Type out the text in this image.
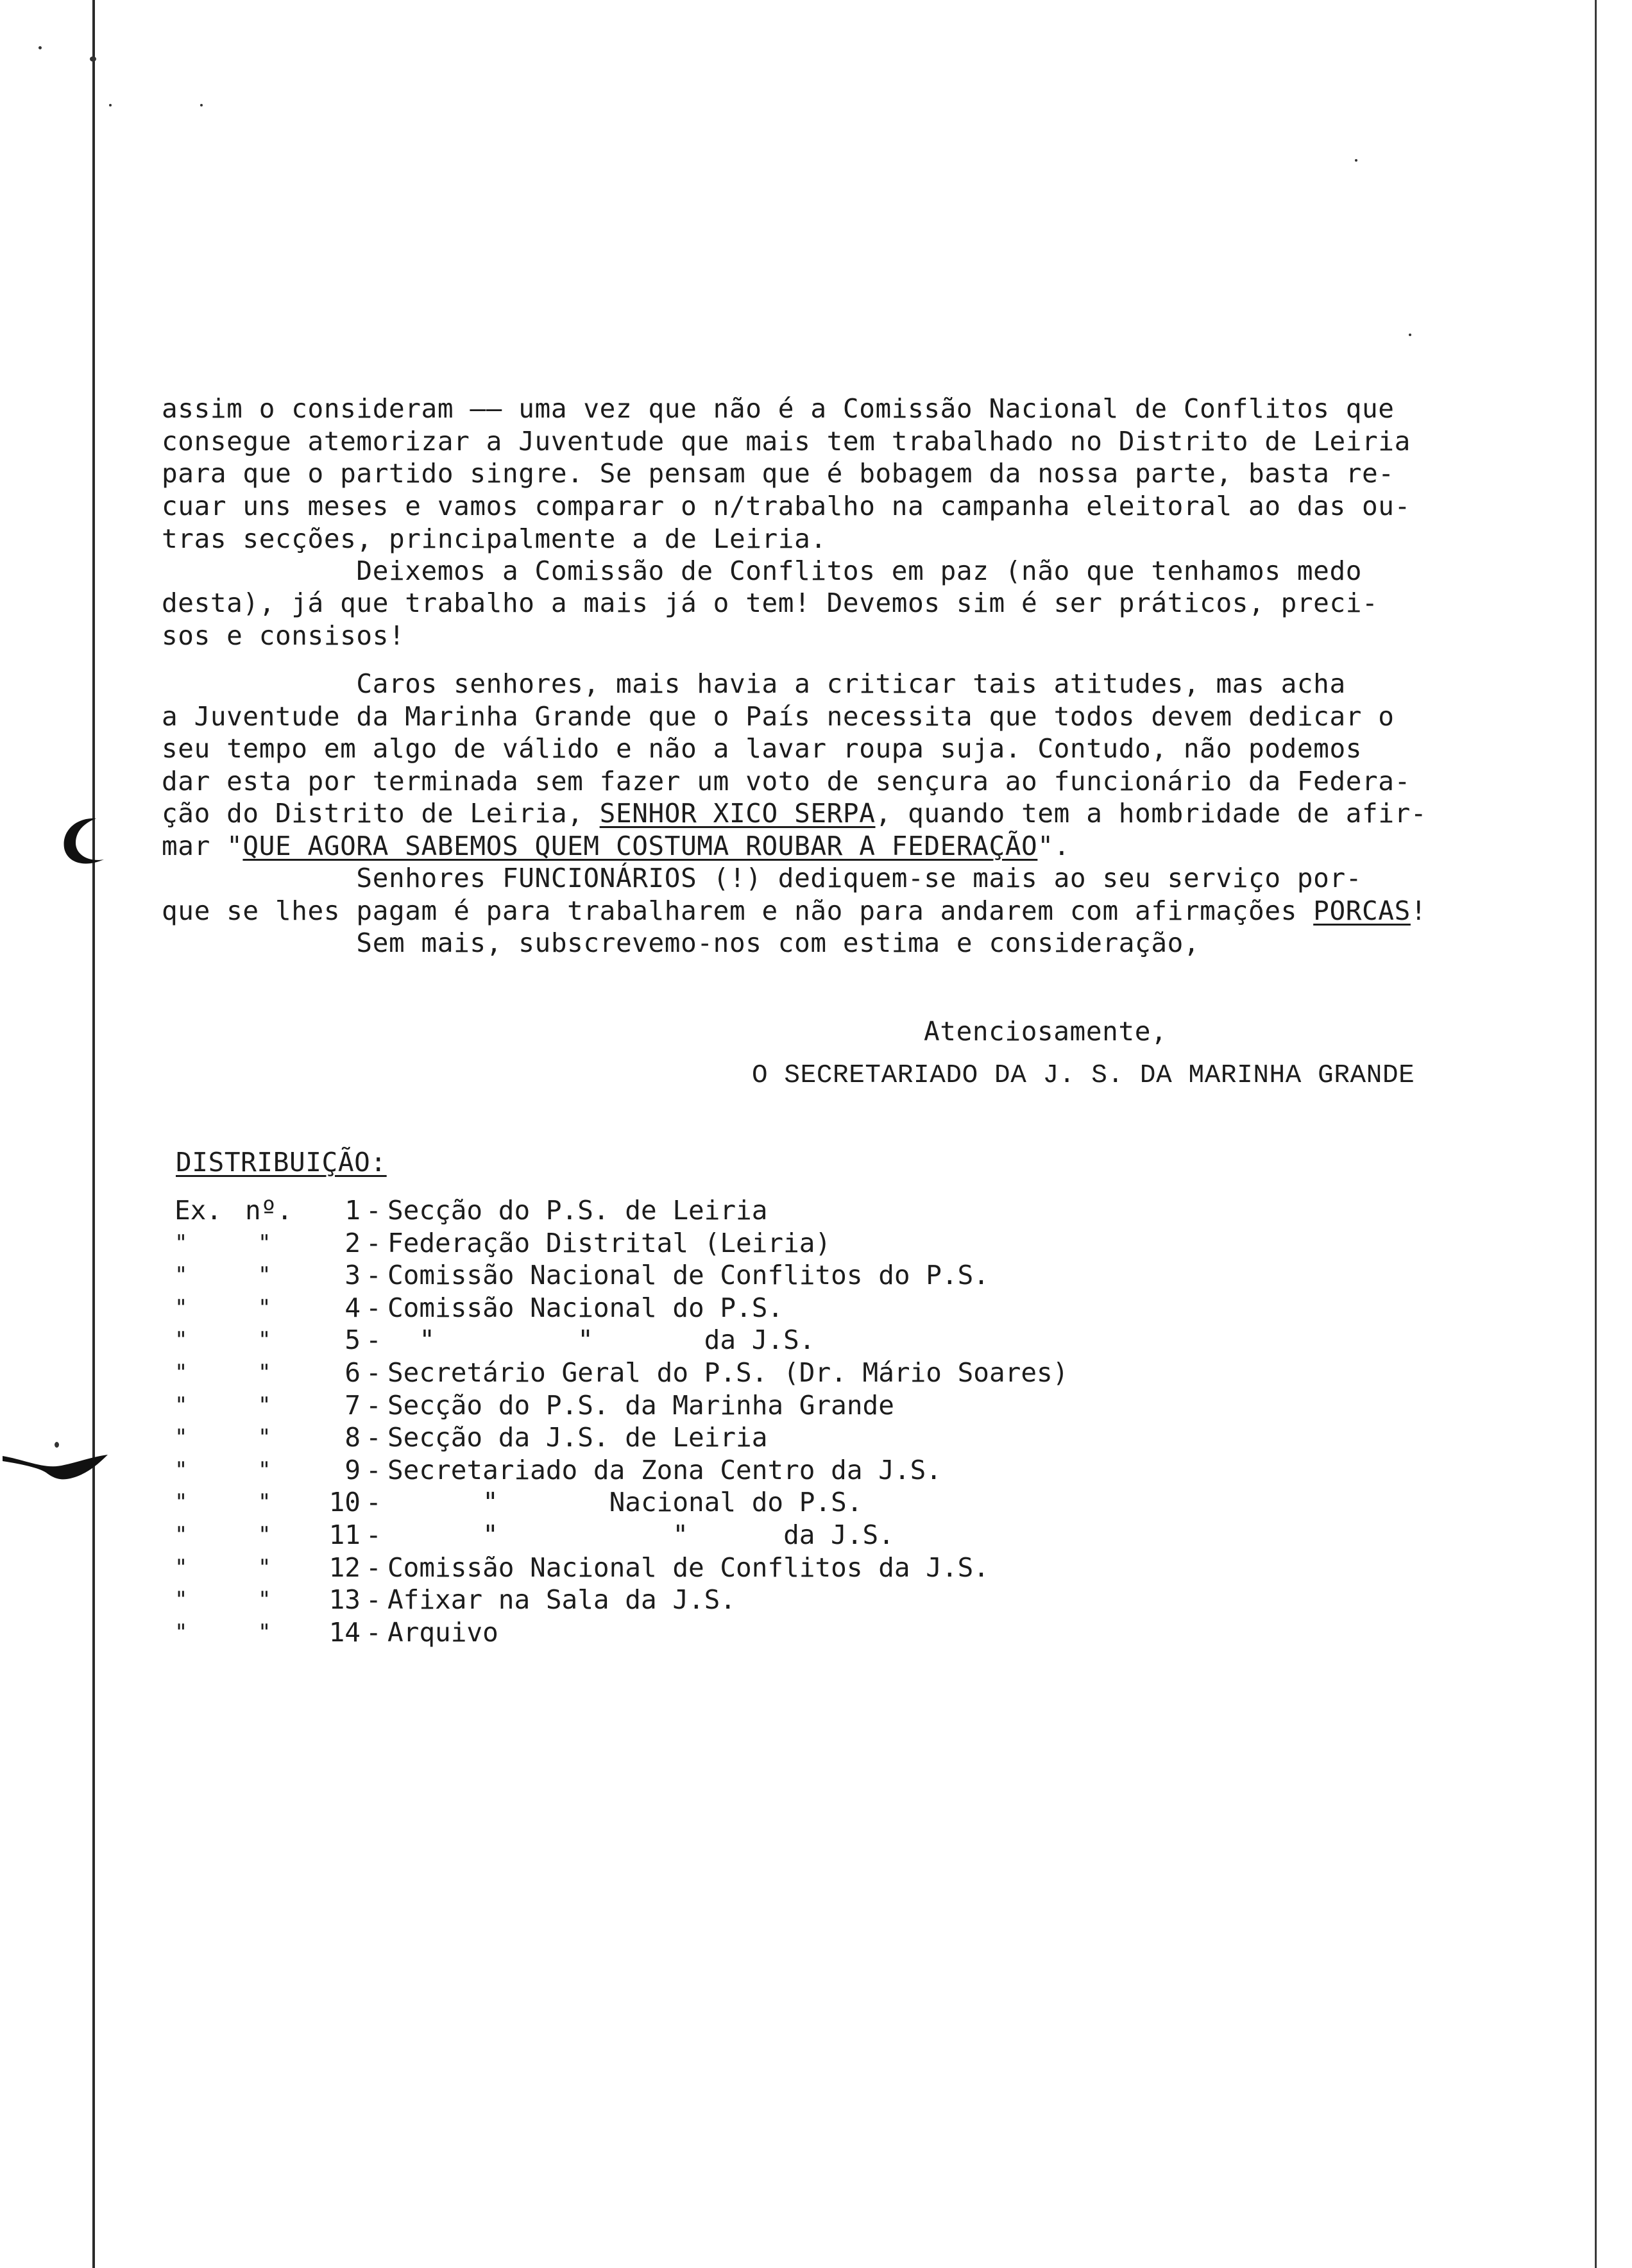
assim o consideram —— uma vez que não é a Comissão Nacional de Conflitos que
consegue atemorizar a Juventude que mais tem trabalhado no Distrito de Leiria
para que o partido singre. Se pensam que é bobagem da nossa parte, basta re-
cuar uns meses e vamos comparar o n/trabalho na campanha eleitoral ao das ou-
tras secções, principalmente a de Leiria.
Deixemos a Comissão de Conflitos em paz (não que tenhamos medo
desta), já que trabalho a mais já o tem! Devemos sim é ser práticos, preci-
sos e consisos!
Caros senhores, mais havia a criticar tais atitudes, mas acha
a Juventude da Marinha Grande que o País necessita que todos devem dedicar o
seu tempo em algo de válido e não a lavar roupa suja. Contudo, não podemos
dar esta por terminada sem fazer um voto de sençura ao funcionário da Federa-
ção do Distrito de Leiria, SENHOR XICO SERPA, quando tem a hombridade de afir-
mar "QUE AGORA SABEMOS QUEM COSTUMA ROUBAR A FEDERAÇÃO".
Senhores FUNCIONÁRIOS (!) dediquem-se mais ao seu serviço por-
que se lhes pagam é para trabalharem e não para andarem com afirmações PORCAS!
Sem mais, subscrevemo-nos com estima e consideração,
Atenciosamente,
O SECRETARIADO DA J. S. DA MARINHA GRANDE
DISTRIBUIÇÃO:
Ex. nº.	1 - Secção do P.S. de Leiria
"	"	2 - Federação Distrital (Leiria)
"	"	3 - Comissão Nacional de Conflitos do P.S.
"	"	4 - Comissão Nacional do P.S.
"	"	5 - "         "       da J.S.
"	"	6 - Secretário Geral do P.S. (Dr. Mário Soares)
"	"	7 - Secção do P.S. da Marinha Grande
"	"	8 - Secção da J.S. de Leiria
"	"	9 - Secretariado da Zona Centro da J.S.
"	"	10 - "       Nacional do P.S.
"	"	11 - "           "      da J.S.
"	"	12 - Comissão Nacional de Conflitos da J.S.
"	"	13 - Afixar na Sala da J.S.
"	"	14 - Arquivo
